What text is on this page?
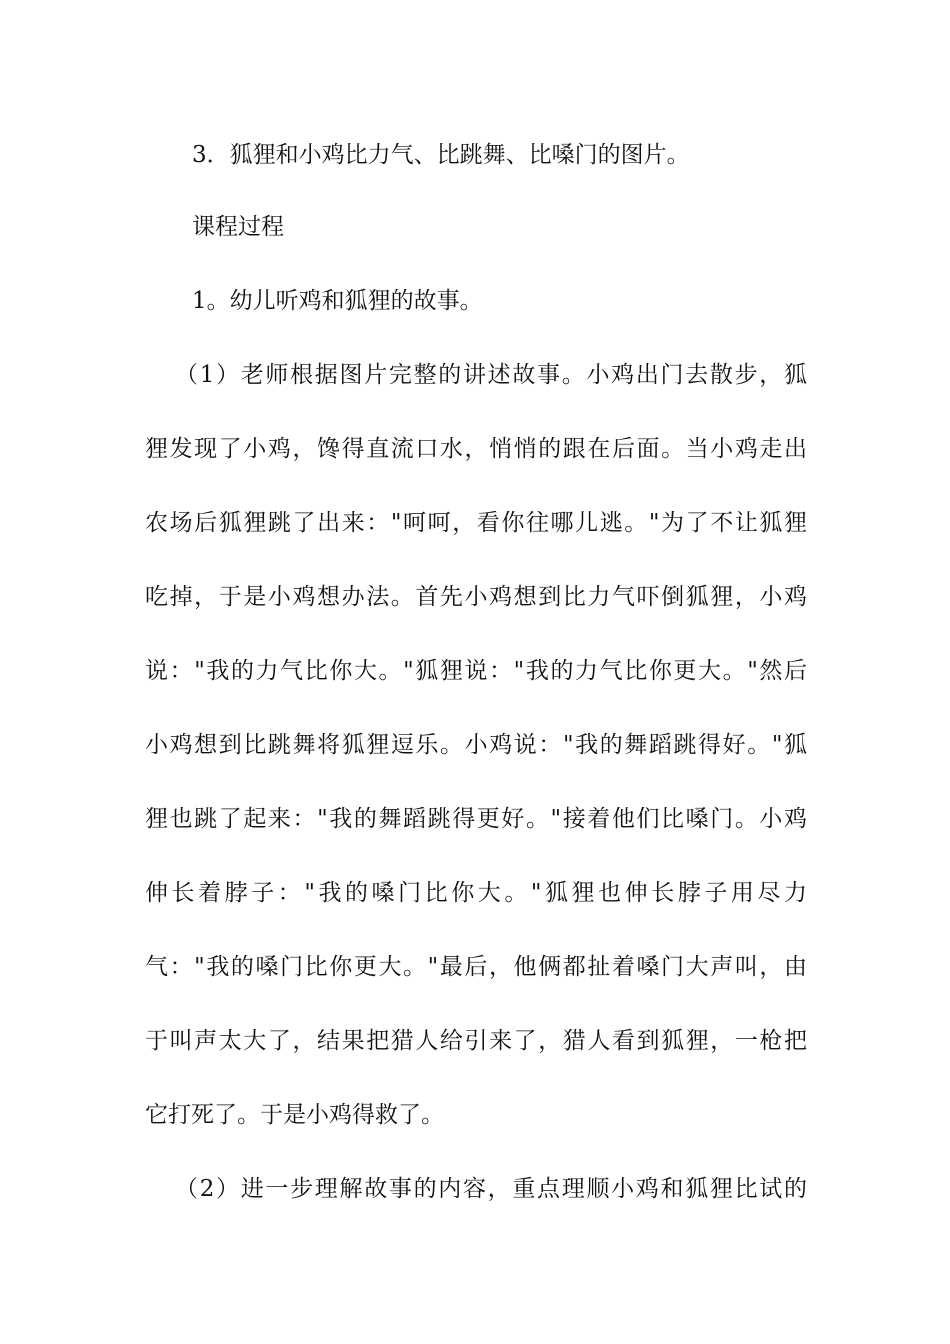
3．狐狸和小鸡比力气、比跳舞、比嗓门的图片。
课程过程
1。幼儿听鸡和狐狸的故事。
（1）老师根据图片完整的讲述故事。小鸡出门去散步，狐
狸发现了小鸡，馋得直流口水，悄悄的跟在后面。当小鸡走出
农场后狐狸跳了出来："呵呵，看你往哪儿逃。"为了不让狐狸
吃掉，于是小鸡想办法。首先小鸡想到比力气吓倒狐狸，小鸡
说："我的力气比你大。"狐狸说："我的力气比你更大。"然后
小鸡想到比跳舞将狐狸逗乐。小鸡说："我的舞蹈跳得好。"狐
狸也跳了起来："我的舞蹈跳得更好。"接着他们比嗓门。小鸡
伸长着脖子："我的嗓门比你大。"狐狸也伸长脖子用尽力
气："我的嗓门比你更大。"最后，他俩都扯着嗓门大声叫，由
于叫声太大了，结果把猎人给引来了，猎人看到狐狸，一枪把
它打死了。于是小鸡得救了。
（2）进一步理解故事的内容，重点理顺小鸡和狐狸比试的
